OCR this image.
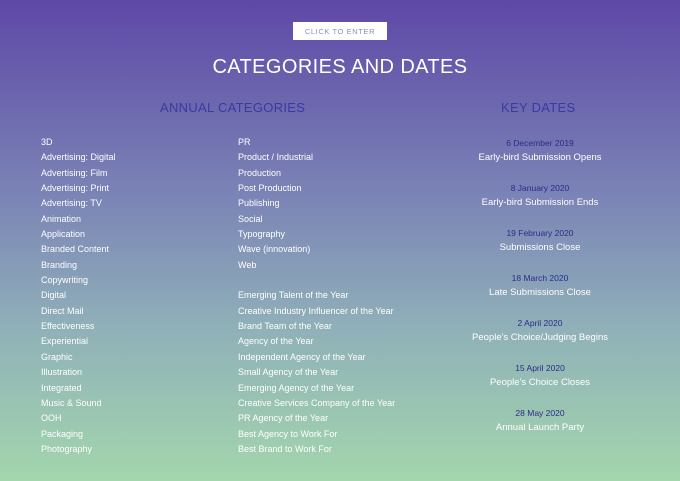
CLICK TO ENTER
CATEGORIES AND DATES
ANNUAL CATEGORIES	KEY DATES
3D
Advertising: Digital
Advertising: Film
Advertising: Print
Advertising: TV
Animation
Application
Branded Content
Branding
Copywriting
Digital
Direct Mail
Effectiveness
Experiential
Graphic
Illustration
Integrated
Music & Sound
OOH
Packaging
Photography
PR
Product / Industrial
Production
Post Production
Publishing
Social
Typography
Wave (innovation)
Web
Emerging Talent of the Year
Creative Industry Influencer of the Year
Brand Team of the Year
Agency of the Year
Independent Agency of the Year
Small Agency of the Year
Emerging Agency of the Year
Creative Services Company of the Year
PR Agency of the Year
Best Agency to Work For
Best Brand to Work For
6 December 2019
Early-bird Submission Opens
8 January 2020
Early-bird Submission Ends
19 February 2020
Submissions Close
18 March 2020
Late Submissions Close
2 April 2020
People's Choice/Judging Begins
15 April 2020
People's Choice Closes
28 May 2020
Annual Launch Party
